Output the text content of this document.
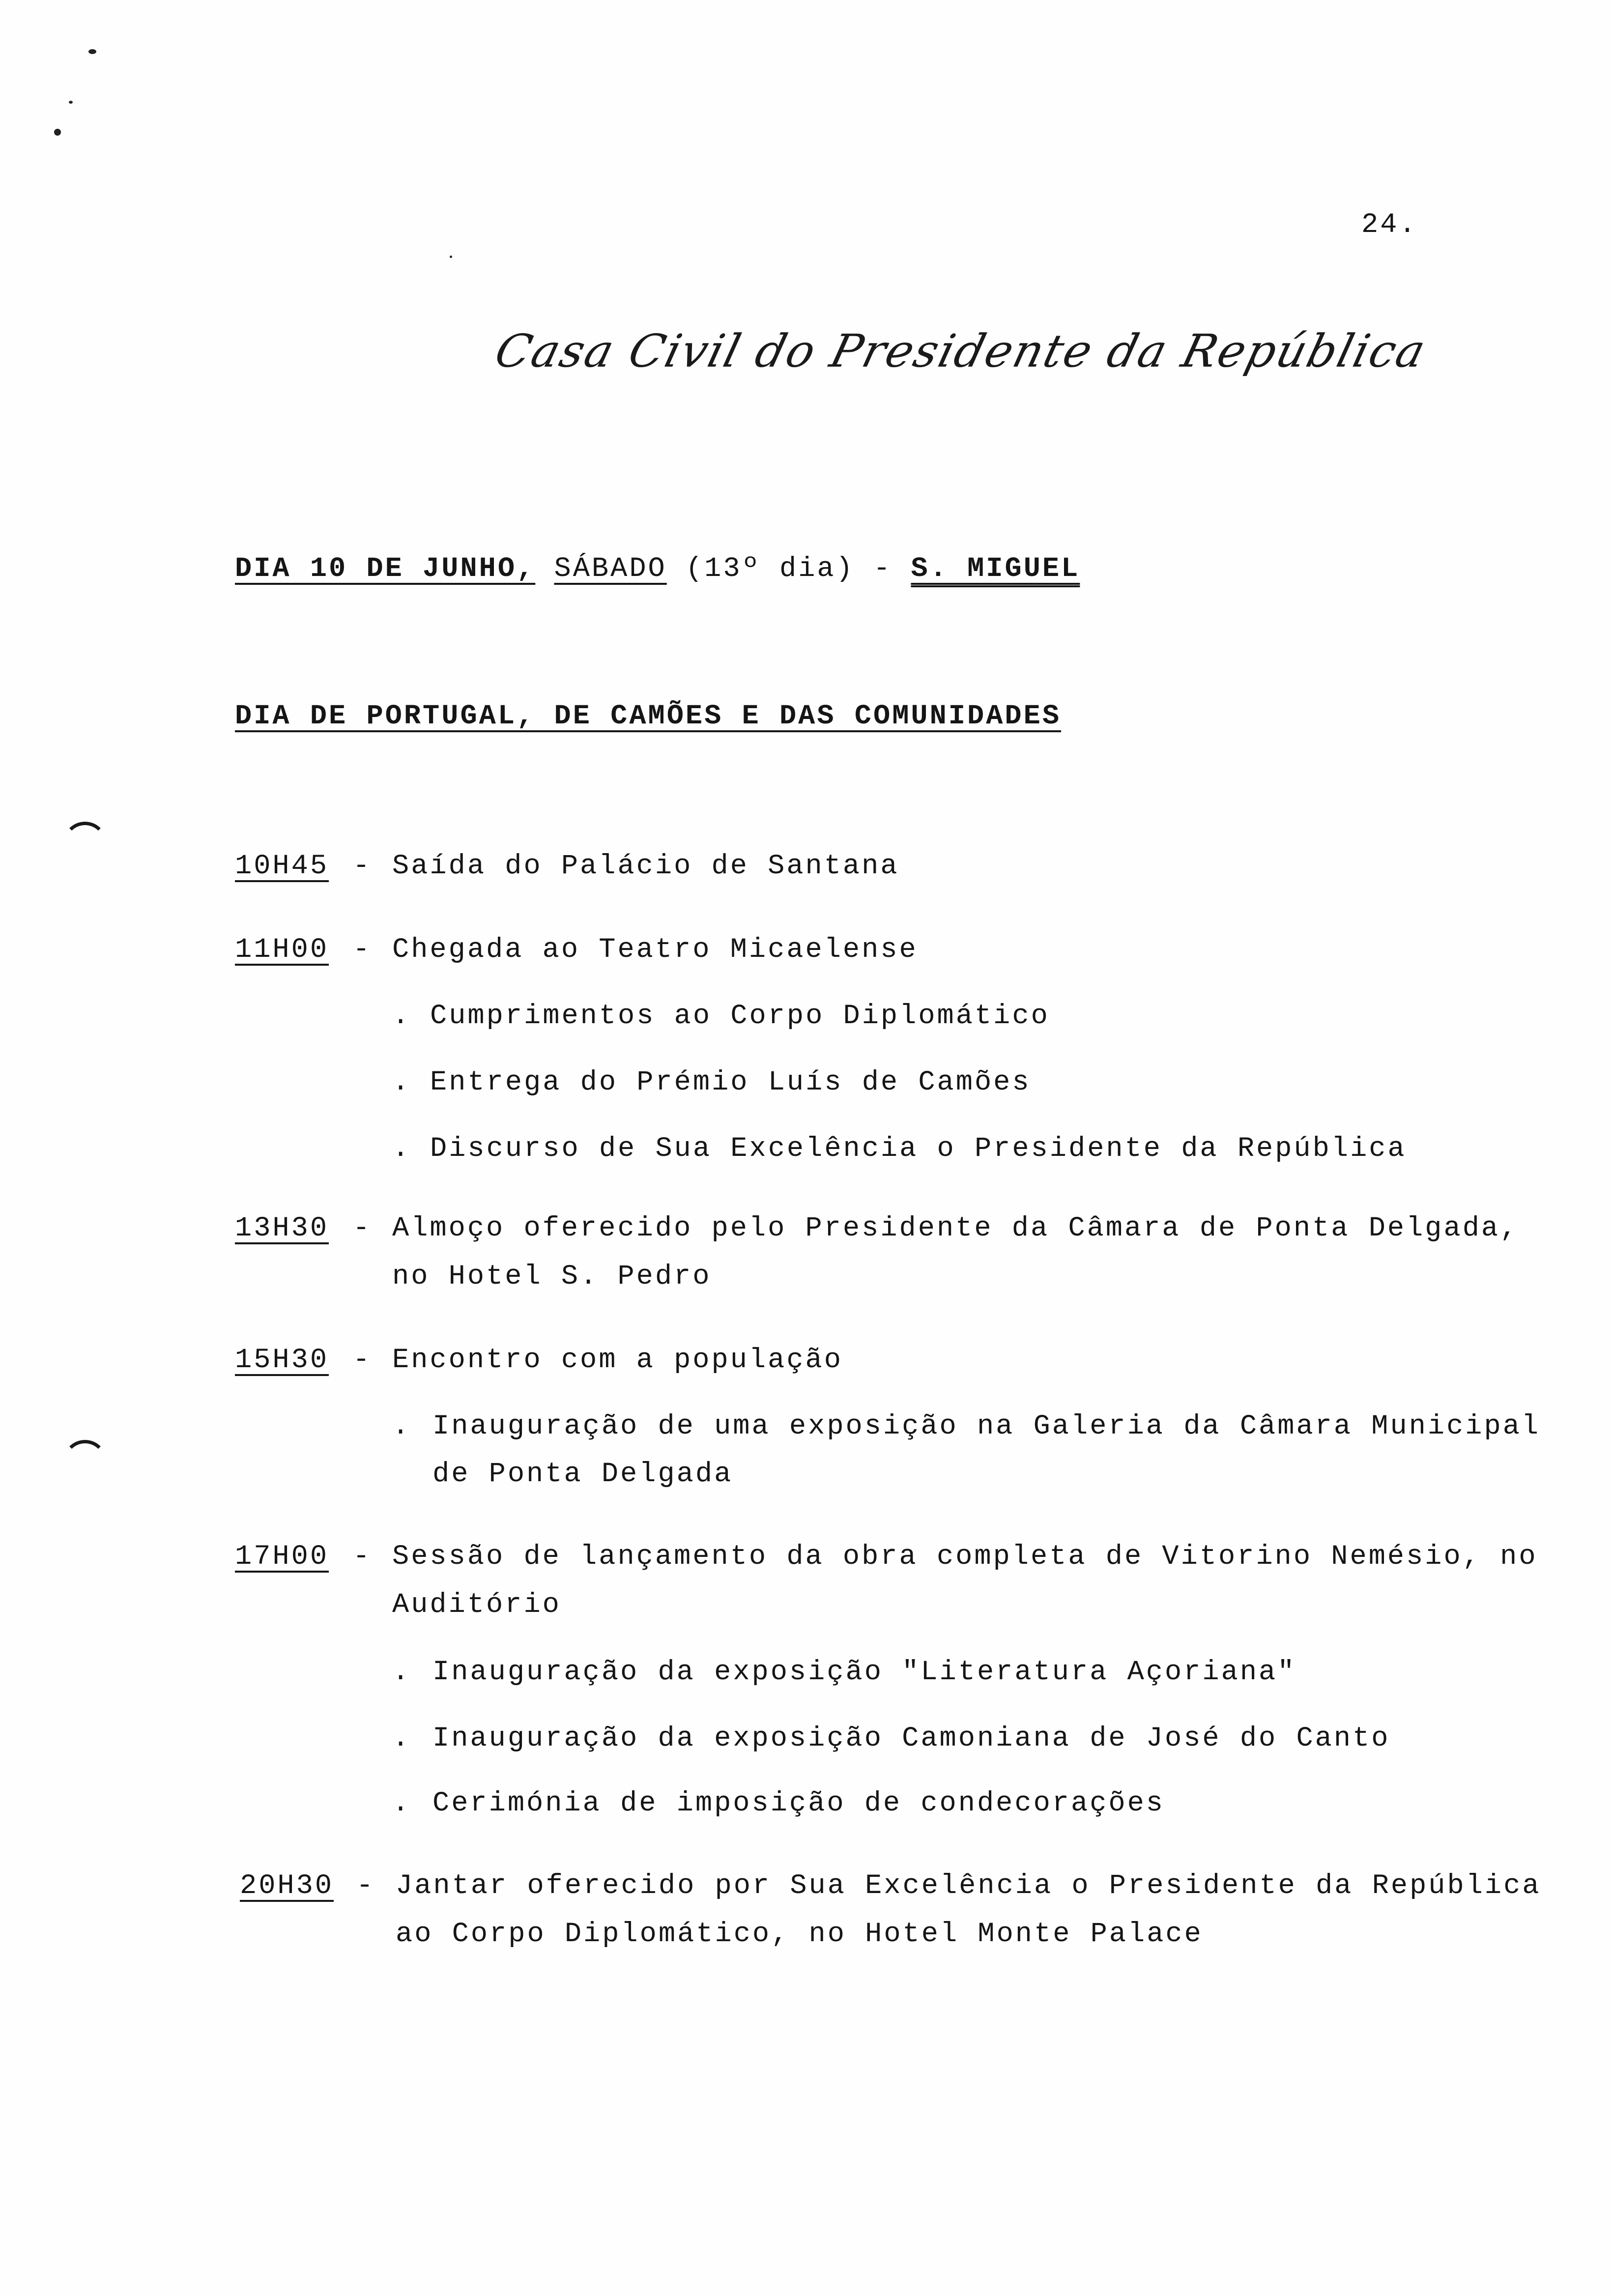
24.
Casa Civil do Presidente da República
DIA 10 DE JUNHO, SÁBADO (13º dia) - S. MIGUEL
DIA DE PORTUGAL, DE CAMÕES E DAS COMUNIDADES
10H45 - Saída do Palácio de Santana
11H00 - Chegada ao Teatro Micaelense
. Cumprimentos ao Corpo Diplomático
. Entrega do Prémio Luís de Camões
. Discurso de Sua Excelência o Presidente da República
13H30 - Almoço oferecido pelo Presidente da Câmara de Ponta Delgada,
no Hotel S. Pedro
15H30 - Encontro com a população
. Inauguração de uma exposição na Galeria da Câmara Municipal
de Ponta Delgada
17H00 - Sessão de lançamento da obra completa de Vitorino Nemésio, no
Auditório
. Inauguração da exposição "Literatura Açoriana"
. Inauguração da exposição Camoniana de José do Canto
. Cerimónia de imposição de condecorações
20H30 - Jantar oferecido por Sua Excelência o Presidente da República
ao Corpo Diplomático, no Hotel Monte Palace
